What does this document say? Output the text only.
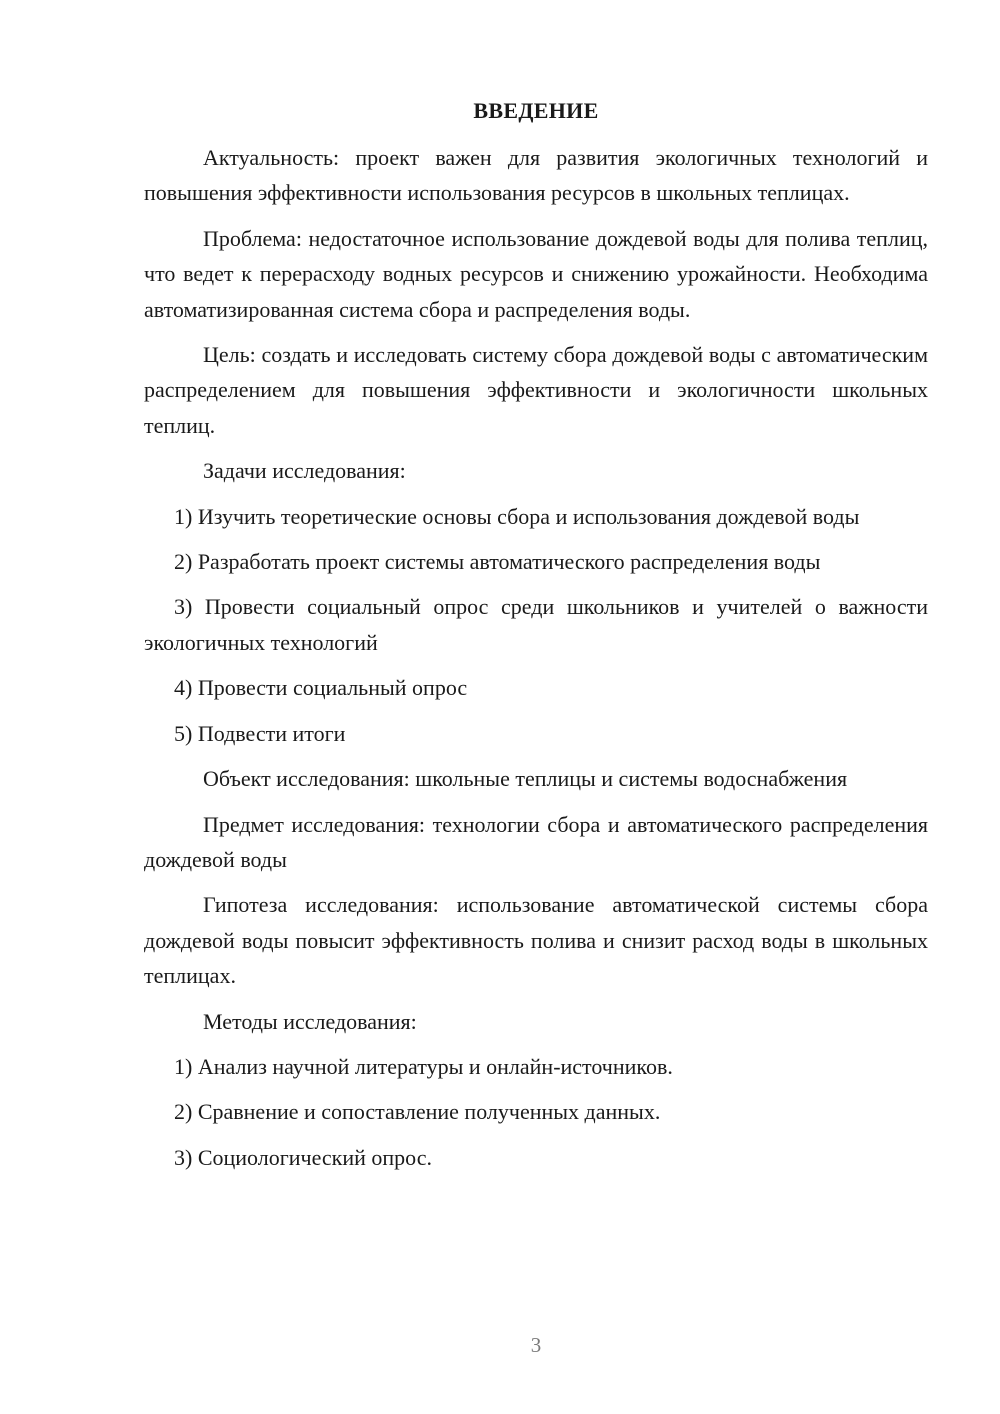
ВВЕДЕНИЕ

Актуальность: проект важен для развития экологичных технологий и повышения эффективности использования ресурсов в школьных теплицах.

Проблема: недостаточное использование дождевой воды для полива теплиц, что ведет к перерасходу водных ресурсов и снижению урожайности. Необходима автоматизированная система сбора и распределения воды.

Цель: создать и исследовать систему сбора дождевой воды с автоматическим распределением для повышения эффективности и экологичности школьных теплиц.

Задачи исследования:

1) Изучить теоретические основы сбора и использования дождевой воды

2) Разработать проект системы автоматического распределения воды

3) Провести социальный опрос среди школьников и учителей о важности экологичных технологий

4) Провести социальный опрос

5) Подвести итоги

Объект исследования: школьные теплицы и системы водоснабжения

Предмет исследования: технологии сбора и автоматического распределения дождевой воды

Гипотеза исследования: использование автоматической системы сбора дождевой воды повысит эффективность полива и снизит расход воды в школьных теплицах.

Методы исследования:

1) Анализ научной литературы и онлайн-источников.

2) Сравнение и сопоставление полученных данных.

3) Социологический опрос.

3
